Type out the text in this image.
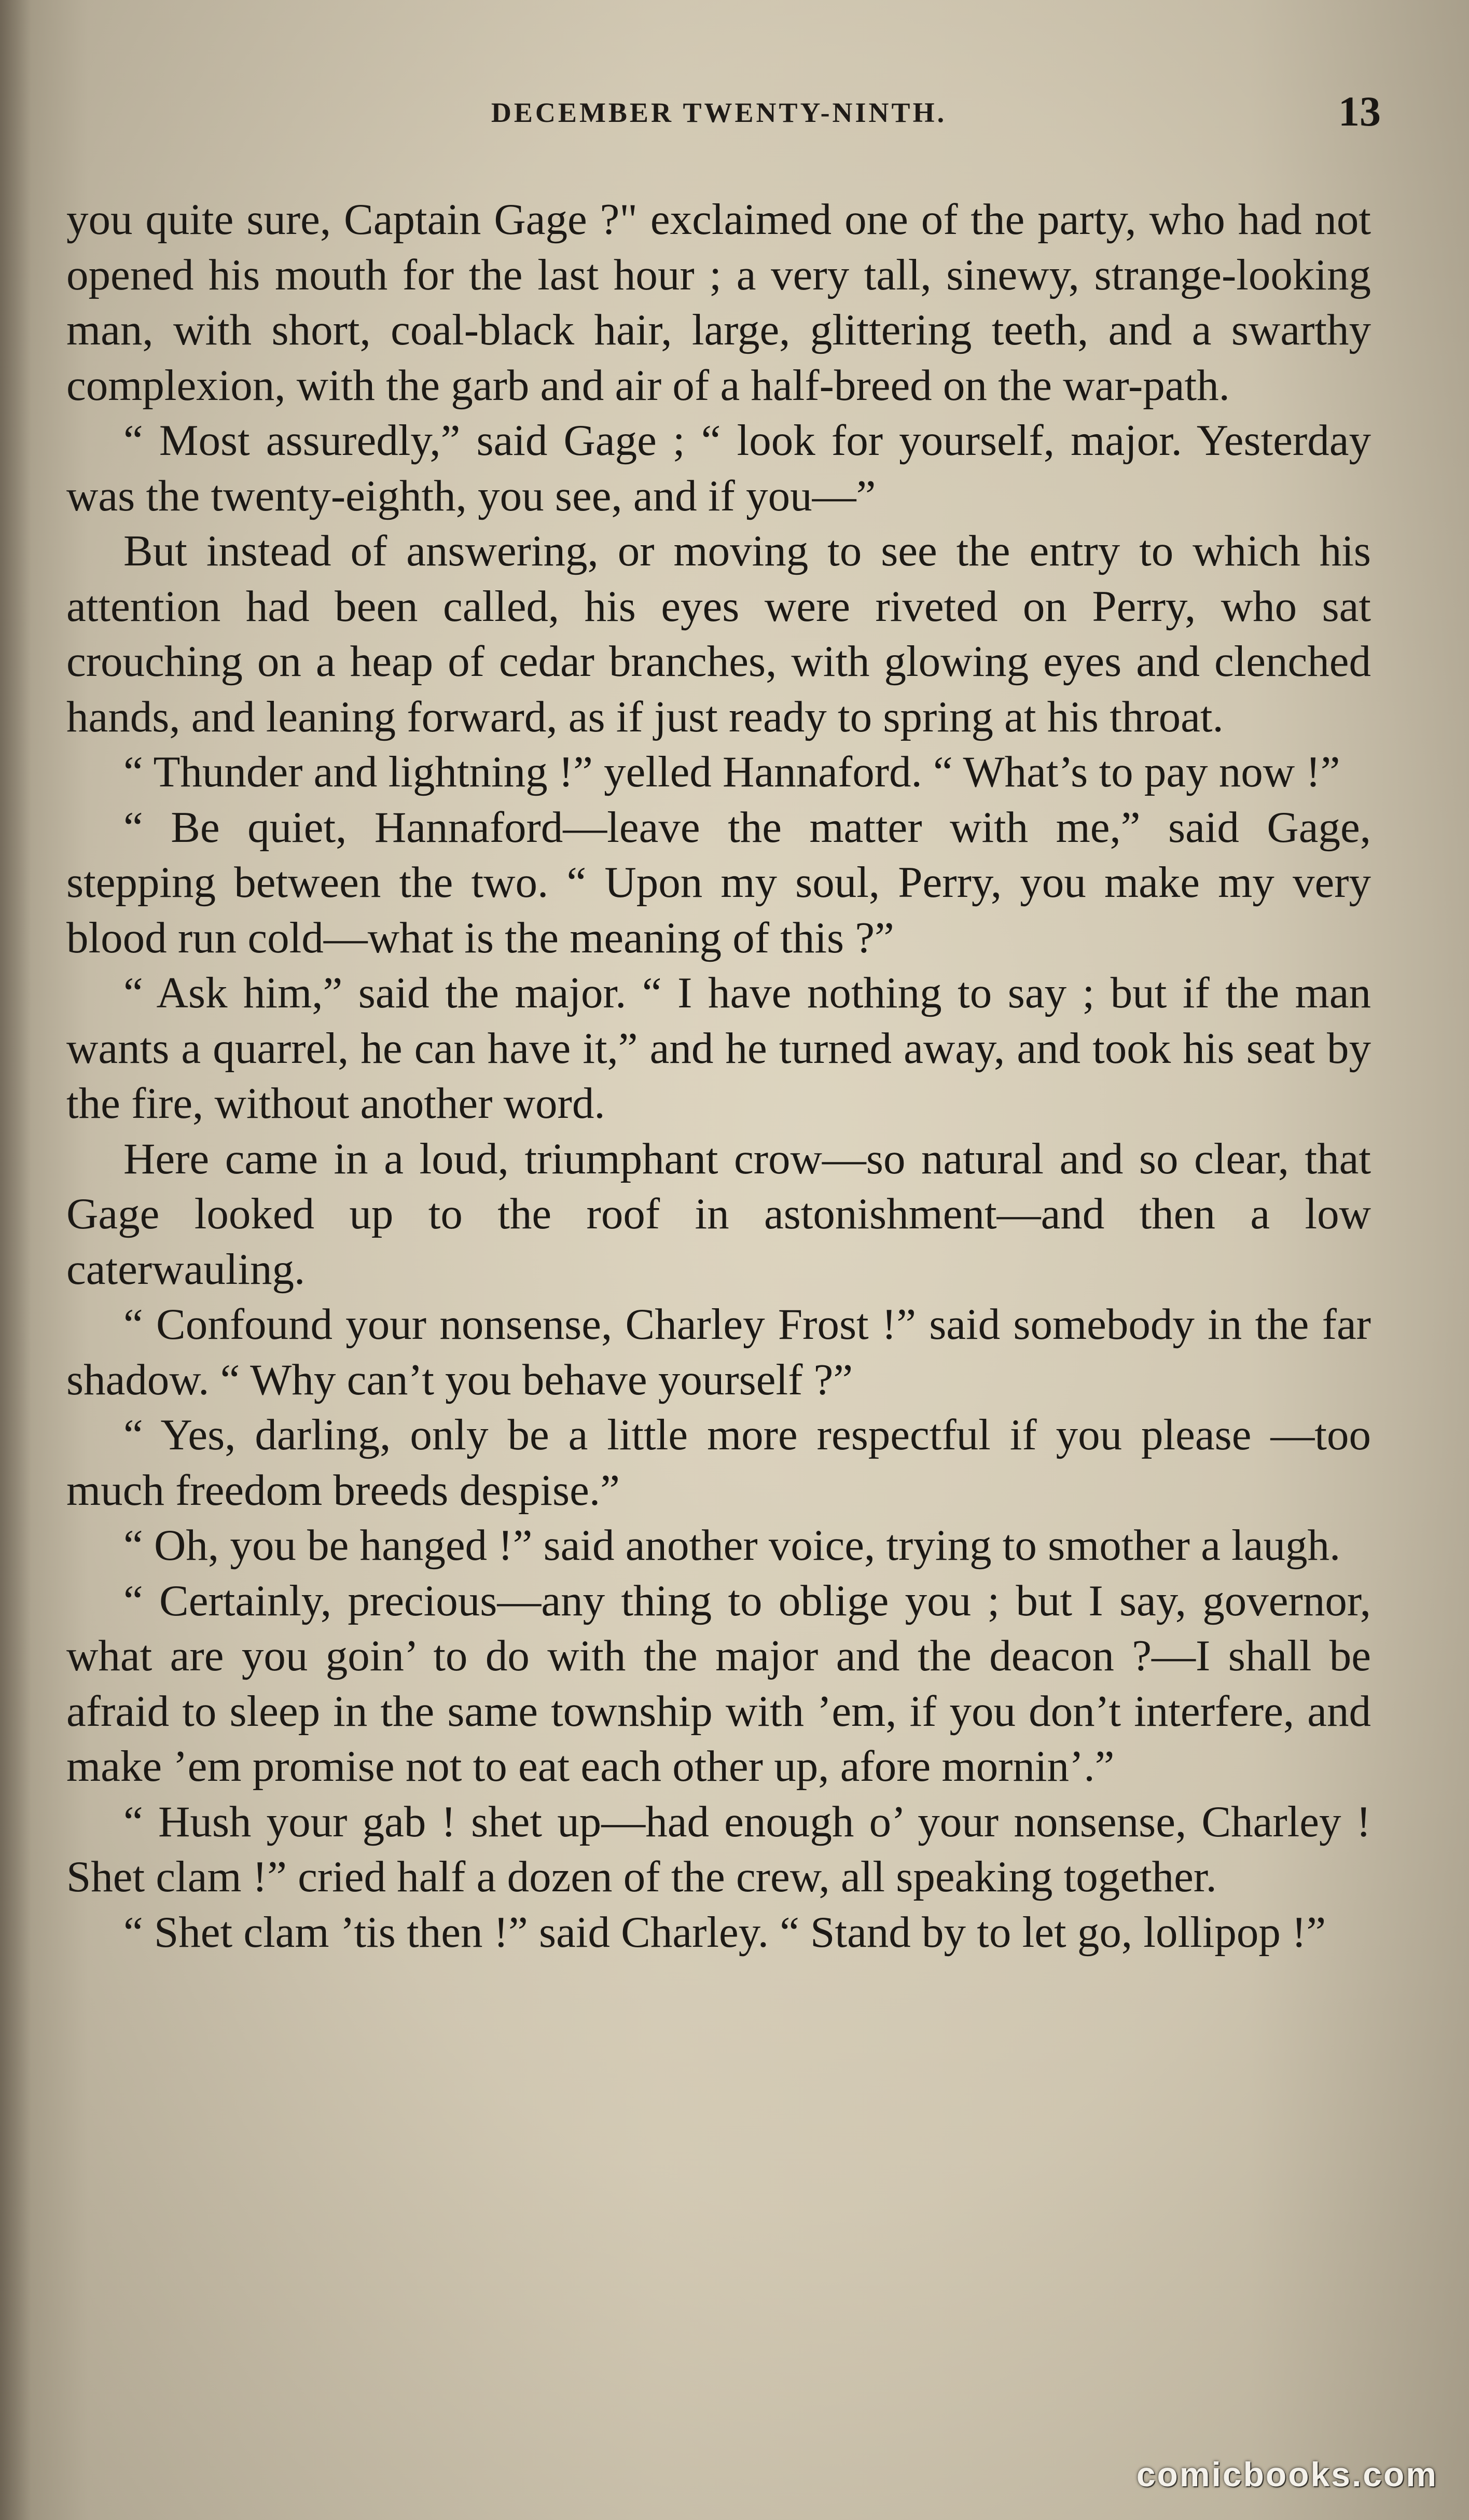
DECEMBER TWENTY-NINTH.	13

you quite sure, Captain Gage ?" exclaimed one of the party, who had not opened his mouth for the last hour ; a very tall, sinewy, strange-looking man, with short, coal-black hair, large, glittering teeth, and a swarthy complexion, with the garb and air of a half-breed on the war-path.

“ Most assuredly,” said Gage ; “ look for yourself, major. Yesterday was the twenty-eighth, you see, and if you—”

But instead of answering, or moving to see the entry to which his attention had been called, his eyes were riveted on Perry, who sat crouching on a heap of cedar branches, with glowing eyes and clenched hands, and leaning forward, as if just ready to spring at his throat.

“ Thunder and lightning !” yelled Hannaford. “ What’s to pay now !”

“ Be quiet, Hannaford—leave the matter with me,” said Gage, stepping between the two. “ Upon my soul, Perry, you make my very blood run cold—what is the meaning of this ?”

“ Ask him,” said the major. “ I have nothing to say ; but if the man wants a quarrel, he can have it,” and he turned away, and took his seat by the fire, without another word.

Here came in a loud, triumphant crow—so natural and so clear, that Gage looked up to the roof in astonishment—and then a low caterwauling.

“ Confound your nonsense, Charley Frost !” said somebody in the far shadow. “ Why can’t you behave yourself ?”

“ Yes, darling, only be a little more respectful if you please —too much freedom breeds despise.”

“ Oh, you be hanged !” said another voice, trying to smother a laugh.

“ Certainly, precious—any thing to oblige you ; but I say, governor, what are you goin’ to do with the major and the deacon ?—I shall be afraid to sleep in the same township with ’em, if you don’t interfere, and make ’em promise not to eat each other up, afore mornin’.”

“ Hush your gab ! shet up—had enough o’ your nonsense, Charley ! Shet clam !” cried half a dozen of the crew, all speaking together.

“ Shet clam ’tis then !” said Charley. “ Stand by to let go, lollipop !”

comicbooks.com
